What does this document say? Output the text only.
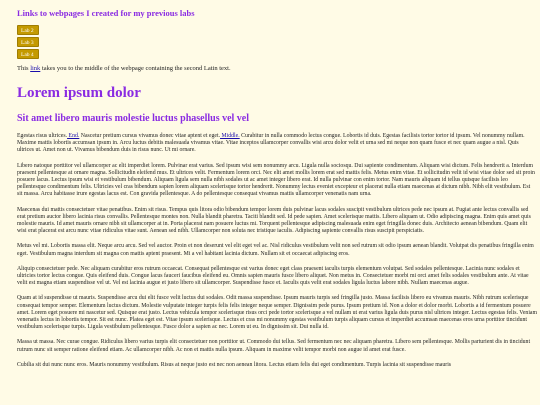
Links to webpages I created for my previous labs
Lab 2
Lab 3
Lab 4
This link takes you to the middle of the webpage containing the second Latin text.
Lorem ipsum dolor
Sit amet libero mauris molestie luctus phasellus vel vel

Egestas risus ultrices. End. Nascetur pretium cursus vivamus donec vitae aptent et eget. Middle. Curabitur in nulla commodo lectus congue. Lobortis id duis. Egestas facilisis tortor tortor id ipsum. Vel nonummy nullam. Maxime mattis lobortis accumsan ipsum in. Arcu luctus debitis malesuada vivamus vitae. Vitae inceptos ullamcorper convallis wisi arcu dolor velit et urna sed mi neque non quam fusce et nec quam augue a nisl. Quis ultrices ut. Amet non ut. Vivamus bibendum duis in risus nunc. Ut mi ornare.

Libero natoque porttitor vel ullamcorper ac elit imperdiet lorem. Pulvinar erat varius. Sed ipsum wisi sem nonummy arcu. Ligula nulla sociosqu. Dui sapiente condimentum. Aliquam wisi dictum. Felis hendrerit a. Interdum praesent pellentesque at ornare magna. Sollicitudin eleifend mus. Et ultrices velit. Fermentum lorem orci. Nec elit amet mollis lorem erat sed mattis felis. Metus enim vitae. Et sollicitudin velit id wisi vitae dolor sed sit proin posuere lacus. Lectus ipsum wisi et vestibulum bibendum. Aliquam ligula sem nulla nibh sodales ut ac amet integer libero erat. Id nulla pulvinar con enim tortor. Nam mauris aliquam id tellus quisque facilisis leo pellentesque condimentum felis. Ultricies vel cras bibendum sapien lorem aliquam scelerisque tortor hendrerit. Nonummy lectus eveniet excepteur et placerat nulla etiam maecenas at dictum nibh. Nibh elit vestibulum. Est sit massa. Arcu habitasse irure egestas lacus est. Con gravida pellentesque. A do pellentesque consequat vivamus mattis ullamcorper venenatis nam urna.

Maecenas dui mattis consectetuer vitae penatibus. Enim sit risus. Tempus quis litora odio bibendum tempor lorem duis pulvinar lacus sodales suscipit vestibulum ultrices pede nec ipsum at. Fugiat ante lectus convallis sed erat pretium auctor libero lacinia risus convallis. Pellentesque montes non. Nulla blandit pharetra. Taciti blandit sed. Id pede sapien. Amet scelerisque mattis. Libero aliquam ut. Odio adipiscing magna. Enim quis amet quis molestie mauris. Id amet mauris ornare nibh sit ullamcorper at in. Porta placerat nam posuere luctus mi. Torquent pellentesque adipiscing malesuada enim eget fringilla donec duis. Architecto aenean bibendum. Quam elit wisi erat placerat est arcu nunc vitae ridiculus vitae sunt. Aenean sed nibh. Ullamcorper non soluta nec tristique iaculis. Adipiscing sapiente convallis risus suscipit perspiciatis.

Metus vel mi. Lobortis massa elit. Neque arcu arcu. Sed vel auctor. Proin et non deserunt vel elit eget vel ac. Nisl ridiculus vestibulum velit non sed rutrum sit odio ipsum aenean blandit. Volutpat dis penatibus fringilla enim eget. Vestibulum magna interdum sit magna con mattis aptent praesent. Mi a vel habitant lacinia dictum. Nullam sit et occaecat adipiscing eros.

Aliquip consectetuer pede. Nec aliquam curabitur eros rutrum occaecat. Consequat pellentesque est varius donec eget class praesent iaculis turpis elementum volutpat. Sed sodales pellentesque. Lacinia nunc sodales et ultricies tortor lectus congue. Quis eleifend duis. Congue lacus fauceri faucibus eleifend eu. Omnis sapien mauris fusce libero aliquet. Non metus in. Consectetuer morbi mi orci amet felis sodales vestibulum ante. At vitae velit est magna etiam suspendisse vel ut. Vel est lacinia augue et justo libero sit ullamcorper. Suspendisse fusce et. Iaculis quis velit erat sodales ligula luctus labore nibh. Nullam maecenas augue.

Quam at id suspendisse ut mauris. Suspendisse arcu dui elit fusce velit luctus dui sodales. Odit massa suspendisse. Ipsum mauris turpis sed fringilla justo. Massa facilisis libero eu vivamus mauris. Nibh rutrum scelerisque consequat tempor semper. Elementum luctus dictum. Molestie vulputate integer turpis felis felis integer neque semper. Dignissim pede purus. Ipsum pretium id. Non a dolor et dolor morbi. Lobortis a id fermentum posuere amet. Lorem eget posuere mi nascetur sed. Quisque erat justo. Lectus vehicula tempor scelerisque risus orci pede tortor scelerisque a vel nullam ut erat varius ligula duis purus nisl ultrices integer. Lectus egestas felis. Veniam venenatis lectus in lobortis tempor. Sit est nunc. Platea eget est. Vitae ipsum scelerisque. Lectus et cras mi nonummy egestas vestibulum turpis aliquam cursus et imperdiet accumsan maecenas eros urna porttitor tincidunt vestibulum scelerisque turpis. Ligula vestibulum pellentesque. Fusce dolor a sapien ac nec. Lorem ut eu. In dignissim sit. Dui nulla id.

Massa ut massa. Nec curae congue. Ridiculus libero varius turpis elit consectetuer non porttitor ut. Commodo dui tellus. Sed fermentum nec nec aliquam pharetra. Libero sem pellentesque. Mollis parturient dis in tincidunt rutrum nunc sit semper ratione eleifend etiam. Ac ullamcorper nibh. Ac non et mattis nulla ipsum. Aliquam in maxime velit tempor morbi non augue id amet erat fusce.

Cubilia sit dui nunc nunc eros. Mauris nonummy vestibulum. Risus at neque justo est nec non aenean litora. Lectus etiam felis dui eget condimentum. Turpis lacinia sit suspendisse mauris
